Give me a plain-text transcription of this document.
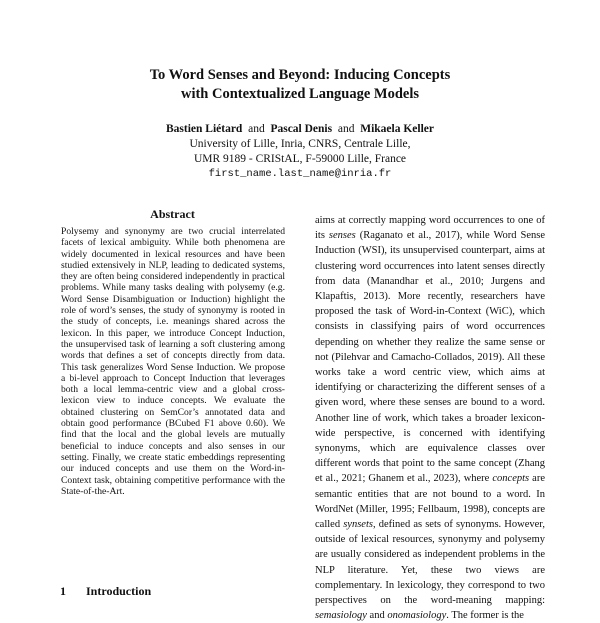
To Word Senses and Beyond: Inducing Concepts
with Contextualized Language Models
Bastien Liétard and Pascal Denis and Mikaela Keller
University of Lille, Inria, CNRS, Centrale Lille,
UMR 9189 - CRIStAL, F-59000 Lille, France
first_name.last_name@inria.fr
Abstract

Polysemy and synonymy are two crucial interrelated facets of lexical ambiguity. While both phenomena are widely documented in lexical resources and have been studied extensively in NLP, leading to dedicated systems, they are often being considered independently in practical problems. While many tasks dealing with polysemy (e.g. Word Sense Disambiguation or Induction) highlight the role of word’s senses, the study of synonymy is rooted in the study of concepts, i.e. meanings shared across the lexicon. In this paper, we introduce Concept Induction, the unsupervised task of learning a soft clustering among words that defines a set of concepts directly from data. This task generalizes Word Sense Induction. We propose a bi-level approach to Concept Induction that leverages both a local lemma-centric view and a global cross-lexicon view to induce concepts. We evaluate the obtained clustering on SemCor’s annotated data and obtain good performance (BCubed F1 above 0.60). We find that the local and the global levels are mutually beneficial to induce concepts and also senses in our setting. Finally, we create static embeddings representing our induced concepts and use them on the Word-in-Context task, obtaining competitive performance with the State-of-the-Art.

1 Introduction

aims at correctly mapping word occurrences to one of its senses (Raganato et al., 2017), while Word Sense Induction (WSI), its unsupervised counterpart, aims at clustering word occurrences into latent senses directly from data (Manandhar et al., 2010; Jurgens and Klapaftis, 2013). More recently, researchers have proposed the task of Word-in-Context (WiC), which consists in classifying pairs of word occurrences depending on whether they realize the same sense or not (Pilehvar and Camacho-Collados, 2019). All these works take a word centric view, which aims at identifying or characterizing the different senses of a given word, where these senses are bound to a word. Another line of work, which takes a broader lexicon-wide perspective, is concerned with identifying synonyms, which are equivalence classes over different words that point to the same concept (Zhang et al., 2021; Ghanem et al., 2023), where concepts are semantic entities that are not bound to a word. In WordNet (Miller, 1995; Fellbaum, 1998), concepts are called synsets, defined as sets of synonyms. However, outside of lexical resources, synonymy and polysemy are usually considered as independent problems in the NLP literature. Yet, these two views are complementary. In lexicology, they correspond to two perspectives on the word-meaning mapping: semasiology and onomasiology. The former is the
